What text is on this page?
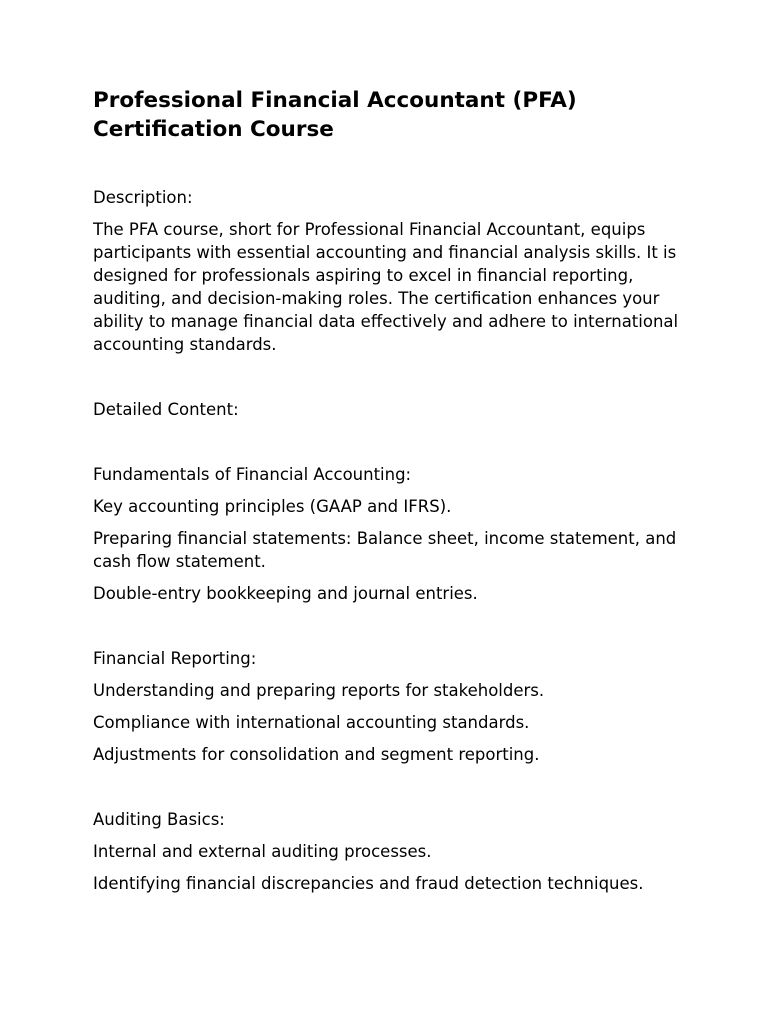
Professional Financial Accountant (PFA) Certification Course

Description:

The PFA course, short for Professional Financial Accountant, equips participants with essential accounting and financial analysis skills. It is designed for professionals aspiring to excel in financial reporting, auditing, and decision-making roles. The certification enhances your ability to manage financial data effectively and adhere to international accounting standards.

Detailed Content:

Fundamentals of Financial Accounting:

Key accounting principles (GAAP and IFRS).

Preparing financial statements: Balance sheet, income statement, and cash flow statement.

Double-entry bookkeeping and journal entries.

Financial Reporting:

Understanding and preparing reports for stakeholders.

Compliance with international accounting standards.

Adjustments for consolidation and segment reporting.

Auditing Basics:

Internal and external auditing processes.

Identifying financial discrepancies and fraud detection techniques.
